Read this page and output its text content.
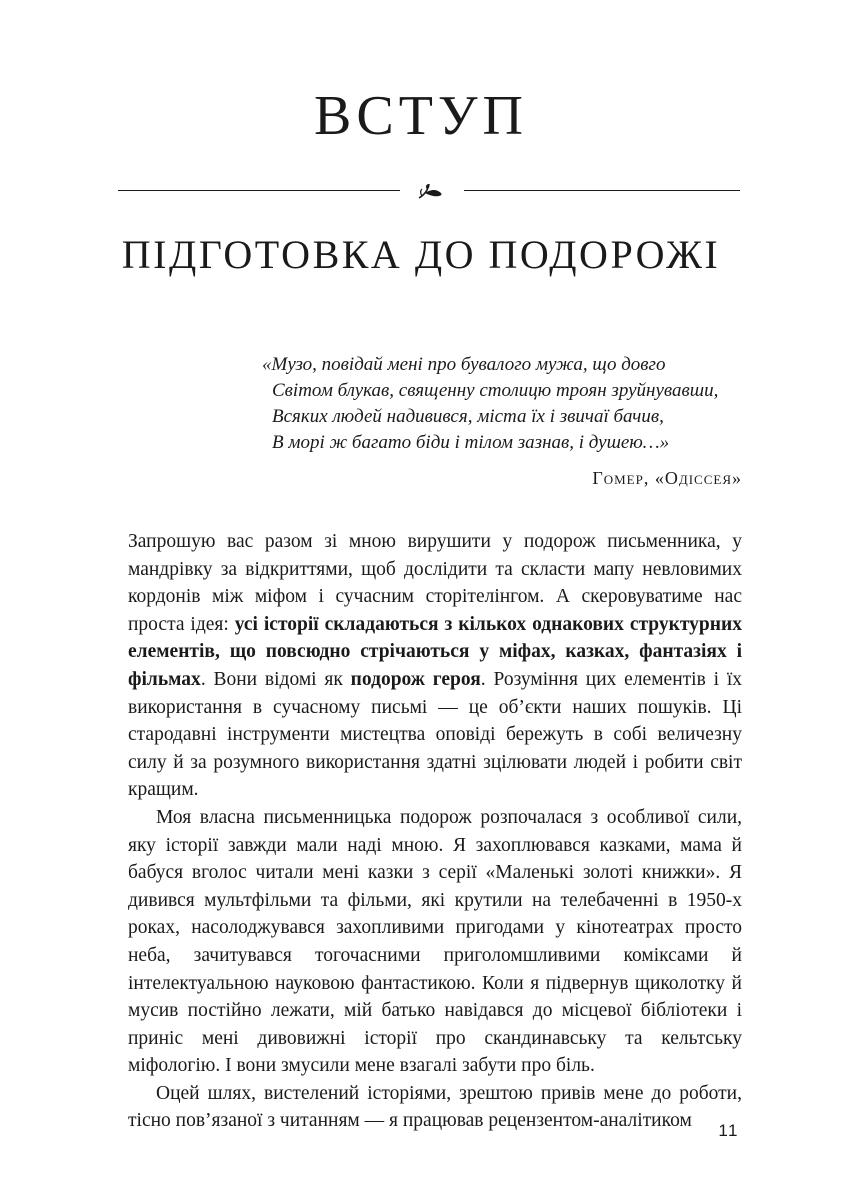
ВСТУП
ПІДГОТОВКА ДО ПОДОРОЖІ
«Музо, повідай мені про бувалого мужа, що довго
Світом блукав, священну столицю троян зруйнувавши,
Всяких людей надивився, міста їх і звичаї бачив,
В морі ж багато біди і тілом зазнав, і душею…»
Гомер, «Одіссея»

Запрошую вас разом зі мною вирушити у подорож письменника, у мандрівку за відкриттями, щоб дослідити та скласти мапу невловимих кордонів між міфом і сучасним сторітелінгом. А скеровуватиме нас проста ідея: усі історії складаються з кількох однакових структурних елементів, що повсюдно стрічаються у міфах, казках, фантазіях і фільмах. Вони відомі як подорож героя. Розуміння цих елементів і їх використання в сучасному письмі — це об’єкти наших пошуків. Ці стародавні інструменти мистецтва оповіді бережуть в собі величезну силу й за розумного використання здатні зцілювати людей і робити світ кращим.

Моя власна письменницька подорож розпочалася з особливої сили, яку історії завжди мали наді мною. Я захоплювався казками, мама й бабуся вголос читали мені казки з серії «Маленькі золоті книжки». Я дивився мультфільми та фільми, які крутили на телебаченні в 1950-х роках, насолоджувався захопливими пригодами у кінотеатрах просто неба, зачитувався тогочасними приголомшливими коміксами й інтелектуальною науковою фантастикою. Коли я підвернув щиколотку й мусив постійно лежати, мій батько навідався до місцевої бібліотеки і приніс мені дивовижні історії про скандинавську та кельтську міфологію. І вони змусили мене взагалі забути про біль.

Оцей шлях, вистелений історіями, зрештою привів мене до роботи, тісно пов’язаної з читанням — я працював рецензентом-аналітиком	11
